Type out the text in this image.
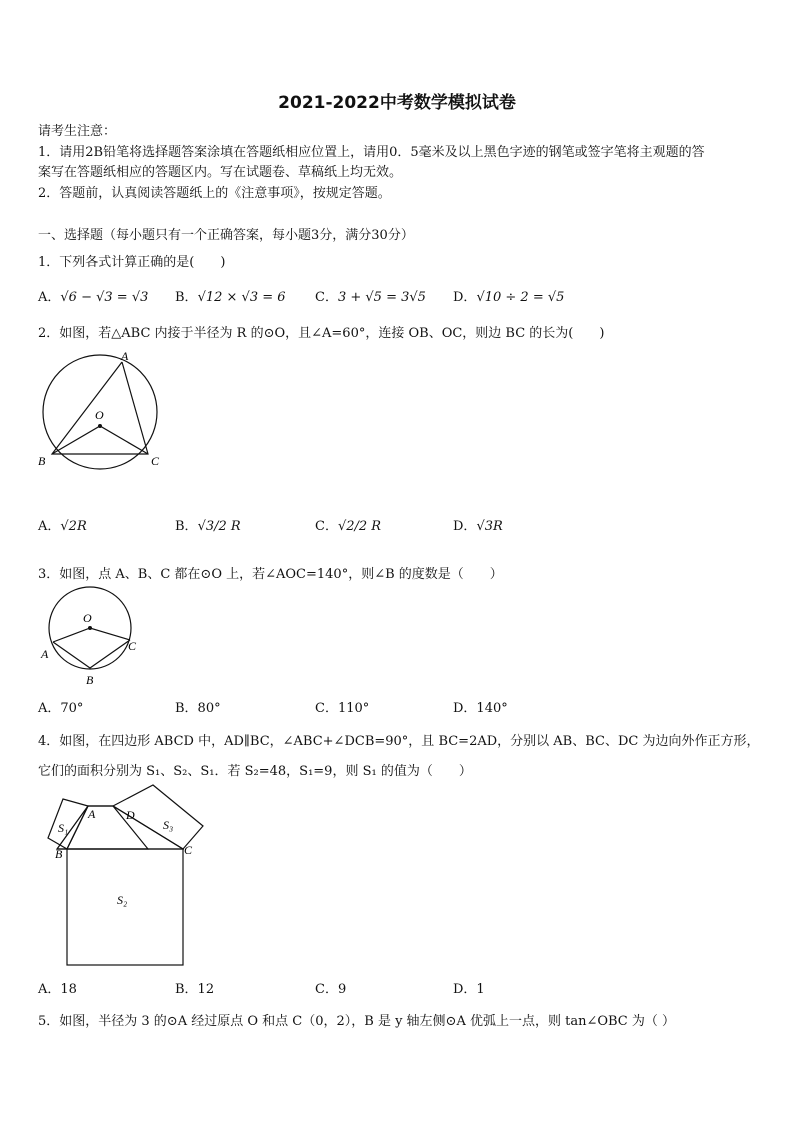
2021-2022中考数学模拟试卷
请考生注意：
1．请用2B铅笔将选择题答案涂填在答题纸相应位置上，请用0．5毫米及以上黑色字迹的钢笔或签字笔将主观题的答
案写在答题纸相应的答题区内。写在试题卷、草稿纸上均无效。
2．答题前，认真阅读答题纸上的《注意事项》，按规定答题。
一、选择题（每小题只有一个正确答案，每小题3分，满分30分）
1．下列各式计算正确的是(　　)
A．√6 − √3 = √3 B．√12 × √3 = 6 C．3 + √5 = 3√5 D．√10 ÷ 2 = √5
2．如图，若△ABC 内接于半径为 R 的⊙O，且∠A=60°，连接 OB、OC，则边 BC 的长为(　　)
A
O
B	C
A．√2R	B．√3/2 R	C．√2/2 R	D．√3R
3．如图，点 A、B、C 都在⊙O 上，若∠AOC=140°，则∠B 的度数是（　　）
O
A
C
B
A．70°	B．80°	C．110°	D．140°
4．如图，在四边形 ABCD 中，AD∥BC，∠ABC+∠DCB=90°，且 BC=2AD，分别以 AB、BC、DC 为边向外作正方形，
它们的面积分别为 S₁、S₂、S₁．若 S₂=48，S₁=9，则 S₁ 的值为（　　）
S₁
A	D
S₃
B	C
S₂
A．18	B．12	C．9	D．1
5．如图，半径为 3 的⊙A 经过原点 O 和点 C（0，2），B 是 y 轴左侧⊙A 优弧上一点，则 tan∠OBC 为（ ）
